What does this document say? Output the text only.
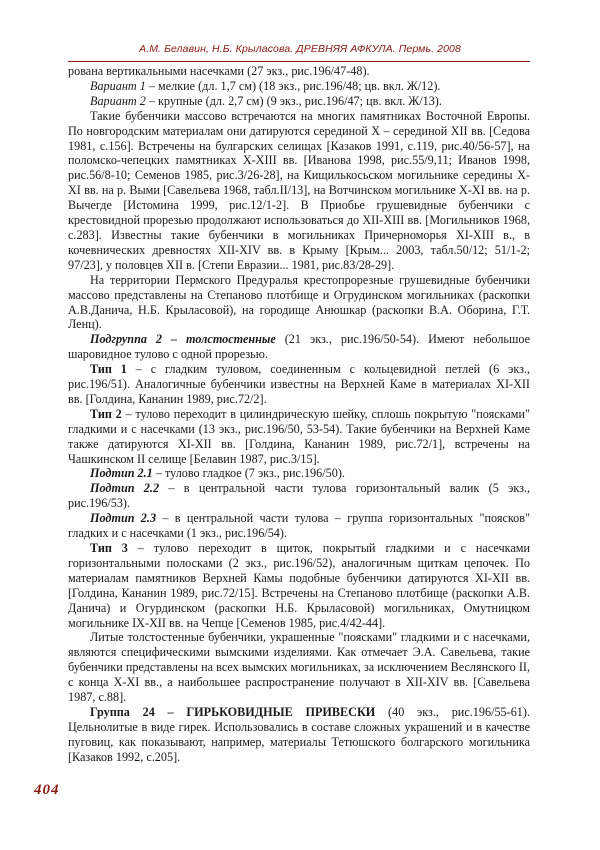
А.М. Белавин, Н.Б. Крыласова. ДРЕВНЯЯ АФКУЛА. Пермь. 2008

рована вертикальными насечками (27 экз., рис.196/47-48).

Вариант 1 – мелкие (дл. 1,7 см) (18 экз., рис.196/48; цв. вкл. Ж/12).

Вариант 2 – крупные (дл. 2,7 см) (9 экз., рис.196/47; цв. вкл. Ж/13).

Такие бубенчики массово встречаются на многих памятниках Восточной Европы. По новгородским материалам они датируются серединой X – серединой XII вв. [Седова 1981, с.156]. Встречены на булгарских селищах [Казаков 1991, с.119, рис.40/56-57], на поломско-чепецких памятниках X-XIII вв. [Иванова 1998, рис.55/9,11; Иванов 1998, рис.56/8-10; Семенов 1985, рис.3/26-28], на Кищилькосьском могильнике середины X-XI вв. на р. Выми [Савельева 1968, табл.II/13], на Вотчинском могильнике X-XI вв. на р. Вычегде [Истомина 1999, рис.12/1-2]. В Приобье грушевидные бубенчики с крестовидной прорезью продолжают использоваться до XII-XIII вв. [Могильников 1968, с.283]. Известны такие бубенчики в могильниках Причерноморья XI-XIII в., в кочевнических древностях XII-XIV вв. в Крыму [Крым... 2003, табл.50/12; 51/1-2; 97/23], у половцев XII в. [Степи Евразии... 1981, рис.83/28-29].

На территории Пермского Предуралья крестопрорезные грушевидные бубенчики массово представлены на Степаново плотбище и Огрудинском могильниках (раскопки А.В.Данича, Н.Б. Крыласовой), на городище Анюшкар (раскопки В.А. Оборина, Г.Т. Ленц).

Подгруппа 2 – толстостенные (21 экз., рис.196/50-54). Имеют небольшое шаровидное тулово с одной прорезью.

Тип 1 – с гладким туловом, соединенным с кольцевидной петлей (6 экз., рис.196/51). Аналогичные бубенчики известны на Верхней Каме в материалах XI-XII вв. [Голдина, Кананин 1989, рис.72/2].

Тип 2 – тулово переходит в цилиндрическую шейку, сплошь покрытую "поясками" гладкими и с насечками (13 экз., рис.196/50, 53-54). Такие бубенчики на Верхней Каме также датируются XI-XII вв. [Голдина, Кананин 1989, рис.72/1], встречены на Чашкинском II селище [Белавин 1987, рис.3/15].

Подтип 2.1 – тулово гладкое (7 экз., рис.196/50).

Подтип 2.2 – в центральной части тулова горизонтальный валик (5 экз., рис.196/53).

Подтип 2.3 – в центральной части тулова – группа горизонтальных "поясков" гладких и с насечками (1 экз., рис.196/54).

Тип 3 – тулово переходит в щиток, покрытый гладкими и с насечками горизонтальными полосками (2 экз., рис.196/52), аналогичным щиткам цепочек. По материалам памятников Верхней Камы подобные бубенчики датируются XI-XII вв. [Голдина, Кананин 1989, рис.72/15]. Встречены на Степаново плотбище (раскопки А.В. Данича) и Огурдинском (раскопки Н.Б. Крыласовой) могильниках, Омутницком могильнике IX-XII вв. на Чепце [Семенов 1985, рис.4/42-44].

Литые толстостенные бубенчики, украшенные "поясками" гладкими и с насечками, являются специфическими вымскими изделиями. Как отмечает Э.А. Савельева, такие бубенчики представлены на всех вымских могильниках, за исключением Веслянского II, с конца X-XI вв., а наибольшее распространение получают в XII-XIV вв. [Савельева 1987, с.88].

Группа 24 – ГИРЬКОВИДНЫЕ ПРИВЕСКИ (40 экз., рис.196/55-61). Цельнолитые в виде гирек. Использовались в составе сложных украшений и в качестве пуговиц, как показывают, например, материалы Тетюшского болгарского могильника [Казаков 1992, с.205].

404
